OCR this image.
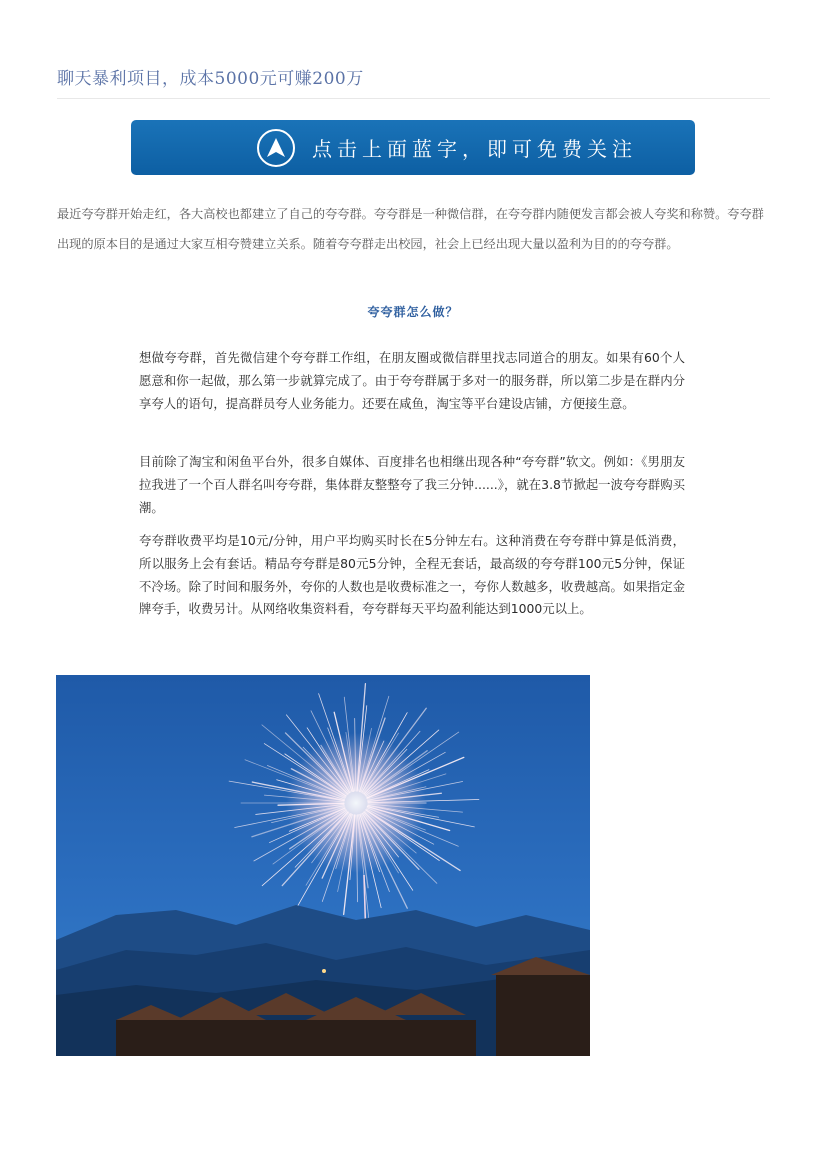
聊天暴利项目，成本5000元可赚200万
点击上面蓝字，即可免费关注

最近夸夸群开始走红，各大高校也都建立了自己的夸夸群。夸夸群是一种微信群，在夸夸群内随便发言都会被人夸奖和称赞。夸夸群出现的原本目的是通过大家互相夸赞建立关系。随着夸夸群走出校园，社会上已经出现大量以盈利为目的的夸夸群。

夸夸群怎么做？

想做夸夸群，首先微信建个夸夸群工作组，在朋友圈或微信群里找志同道合的朋友。如果有60个人愿意和你一起做，那么第一步就算完成了。由于夸夸群属于多对一的服务群，所以第二步是在群内分享夸人的语句，提高群员夸人业务能力。还要在咸鱼，淘宝等平台建设店铺，方便接生意。

目前除了淘宝和闲鱼平台外，很多自媒体、百度排名也相继出现各种“夸夸群”软文。例如：《男朋友拉我进了一个百人群名叫夸夸群，集体群友整整夸了我三分钟......》，就在3.8节掀起一波夸夸群购买潮。

夸夸群收费平均是10元/分钟，用户平均购买时长在5分钟左右。这种消费在夸夸群中算是低消费，所以服务上会有套话。精品夸夸群是80元5分钟，全程无套话，最高级的夸夸群100元5分钟，保证不冷场。除了时间和服务外，夸你的人数也是收费标准之一，夸你人数越多，收费越高。如果指定金牌夸手，收费另计。从网络收集资料看，夸夸群每天平均盈利能达到1000元以上。
